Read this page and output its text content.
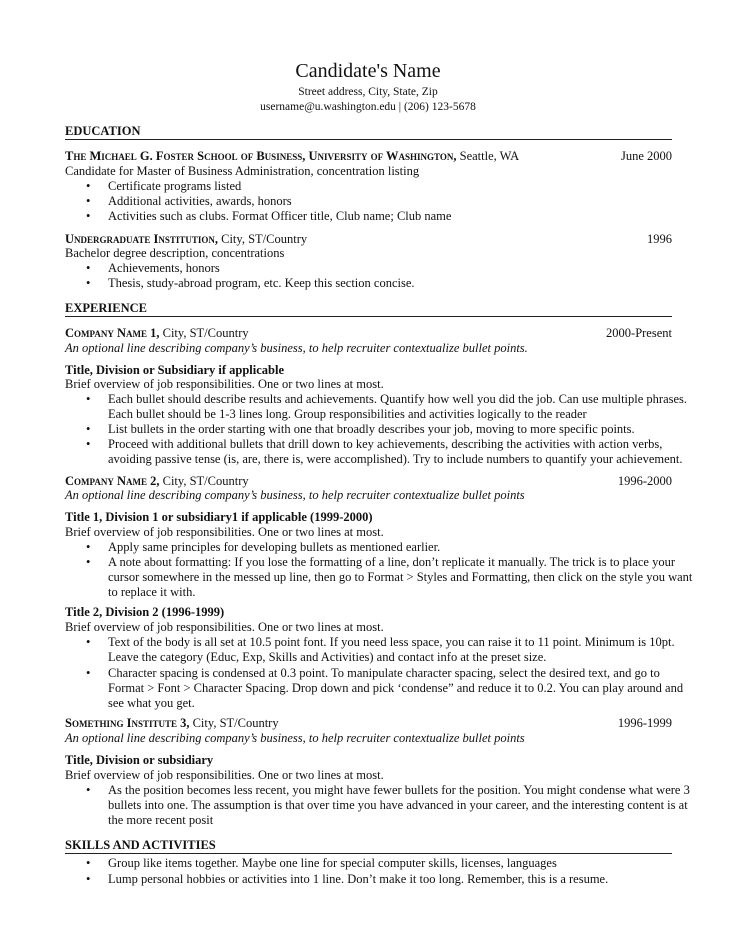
Candidate's Name
Street address, City, State, Zip
username@u.washington.edu | (206) 123-5678
EDUCATION
The Michael G. Foster School of Business, University of Washington, Seattle, WA	June 2000
Candidate for Master of Business Administration, concentration listing
• Certificate programs listed
• Additional activities, awards, honors
• Activities such as clubs. Format Officer title, Club name; Club name
Undergraduate Institution, City, ST/Country	1996
Bachelor degree description, concentrations
• Achievements, honors
• Thesis, study-abroad program, etc. Keep this section concise.
EXPERIENCE
Company Name 1, City, ST/Country	2000-Present
An optional line describing company’s business, to help recruiter contextualize bullet points.
Title, Division or Subsidiary if applicable
Brief overview of job responsibilities. One or two lines at most.
• Each bullet should describe results and achievements. Quantify how well you did the job. Can use multiple phrases.
Each bullet should be 1-3 lines long. Group responsibilities and activities logically to the reader
• List bullets in the order starting with one that broadly describes your job, moving to more specific points.
• Proceed with additional bullets that drill down to key achievements, describing the activities with action verbs,
avoiding passive tense (is, are, there is, were accomplished). Try to include numbers to quantify your achievement.
Company Name 2, City, ST/Country	1996-2000
An optional line describing company’s business, to help recruiter contextualize bullet points
Title 1, Division 1 or subsidiary1 if applicable (1999-2000)
Brief overview of job responsibilities. One or two lines at most.
• Apply same principles for developing bullets as mentioned earlier.
• A note about formatting: If you lose the formatting of a line, don’t replicate it manually. The trick is to place your
cursor somewhere in the messed up line, then go to Format > Styles and Formatting, then click on the style you want
to replace it with.
Title 2, Division 2 (1996-1999)
Brief overview of job responsibilities. One or two lines at most.
• Text of the body is all set at 10.5 point font. If you need less space, you can raise it to 11 point. Minimum is 10pt.
Leave the category (Educ, Exp, Skills and Activities) and contact info at the preset size.
• Character spacing is condensed at 0.3 point. To manipulate character spacing, select the desired text, and go to
Format > Font > Character Spacing. Drop down and pick ‘condense” and reduce it to 0.2. You can play around and
see what you get.
Something Institute 3, City, ST/Country	1996-1999
An optional line describing company’s business, to help recruiter contextualize bullet points
Title, Division or subsidiary
Brief overview of job responsibilities. One or two lines at most.
• As the position becomes less recent, you might have fewer bullets for the position. You might condense what were 3
bullets into one. The assumption is that over time you have advanced in your career, and the interesting content is at
the more recent posit
SKILLS AND ACTIVITIES
• Group like items together. Maybe one line for special computer skills, licenses, languages
• Lump personal hobbies or activities into 1 line. Don’t make it too long. Remember, this is a resume.
